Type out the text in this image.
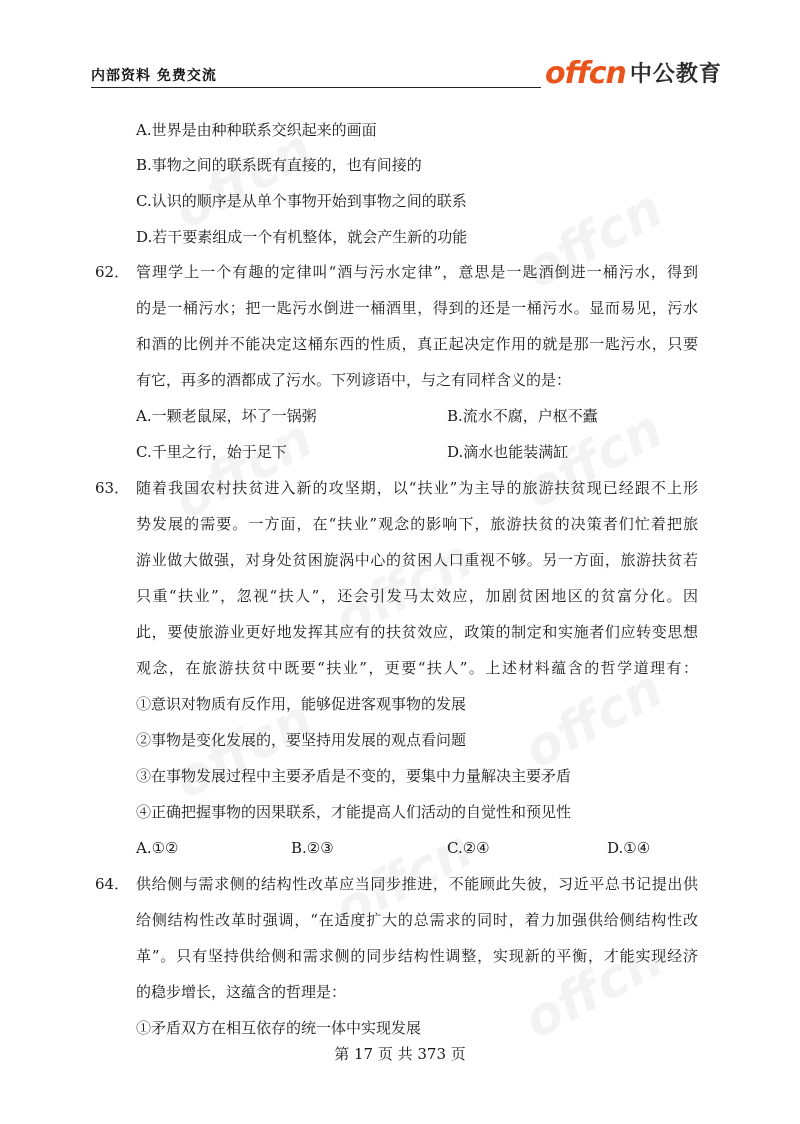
内部资料 免费交流	offcn 中公教育
A.世界是由种种联系交织起来的画面
B.事物之间的联系既有直接的，也有间接的
C.认识的顺序是从单个事物开始到事物之间的联系
D.若干要素组成一个有机整体，就会产生新的功能
62． 管理学上一个有趣的定律叫“酒与污水定律”，意思是一匙酒倒进一桶污水，得到
的是一桶污水；把一匙污水倒进一桶酒里，得到的还是一桶污水。显而易见，污水
和酒的比例并不能决定这桶东西的性质，真正起决定作用的就是那一匙污水，只要
有它，再多的酒都成了污水。下列谚语中，与之有同样含义的是：
A.一颗老鼠屎，坏了一锅粥	B.流水不腐，户枢不蠹
C.千里之行，始于足下	D.滴水也能装满缸
63． 随着我国农村扶贫进入新的攻坚期，以“扶业”为主导的旅游扶贫现已经跟不上形
势发展的需要。一方面，在“扶业”观念的影响下，旅游扶贫的决策者们忙着把旅
游业做大做强，对身处贫困旋涡中心的贫困人口重视不够。另一方面，旅游扶贫若
只重“扶业”，忽视“扶人”，还会引发马太效应，加剧贫困地区的贫富分化。因
此，要使旅游业更好地发挥其应有的扶贫效应，政策的制定和实施者们应转变思想
观念，在旅游扶贫中既要“扶业”，更要“扶人”。上述材料蕴含的哲学道理有：
①意识对物质有反作用，能够促进客观事物的发展
②事物是变化发展的，要坚持用发展的观点看问题
③在事物发展过程中主要矛盾是不变的，要集中力量解决主要矛盾
④正确把握事物的因果联系，才能提高人们活动的自觉性和预见性
A.①②	B.②③	C.②④	D.①④
64． 供给侧与需求侧的结构性改革应当同步推进，不能顾此失彼，习近平总书记提出供
给侧结构性改革时强调，“在适度扩大的总需求的同时，着力加强供给侧结构性改
革”。只有坚持供给侧和需求侧的同步结构性调整，实现新的平衡，才能实现经济
的稳步增长，这蕴含的哲理是：
①矛盾双方在相互依存的统一体中实现发展
第 17 页 共 373 页
